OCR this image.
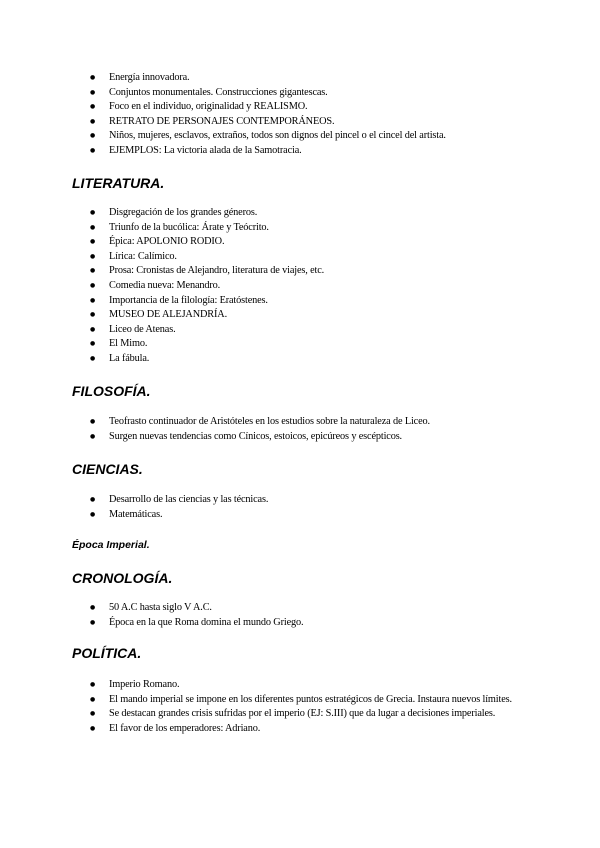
● Energía innovadora.
● Conjuntos monumentales. Construcciones gigantescas.
● Foco en el individuo, originalidad y REALISMO.
● RETRATO DE PERSONAJES CONTEMPORÁNEOS.
● Niños, mujeres, esclavos, extraños, todos son dignos del pincel o el cincel del artista.
● EJEMPLOS: La victoria alada de la Samotracia.
LITERATURA.
● Disgregación de los grandes géneros.
● Triunfo de la bucólica: Árate y Teócrito.
● Épica: APOLONIO RODIO.
● Lírica: Calímico.
● Prosa: Cronistas de Alejandro, literatura de viajes, etc.
● Comedia nueva: Menandro.
● Importancia de la filología: Eratóstenes.
● MUSEO DE ALEJANDRÍA.
● Liceo de Atenas.
● El Mimo.
● La fábula.
FILOSOFÍA.
● Teofrasto continuador de Aristóteles en los estudios sobre la naturaleza de Liceo.
● Surgen nuevas tendencias como Cínicos, estoicos, epicúreos y escépticos.
CIENCIAS.
● Desarrollo de las ciencias y las técnicas.
● Matemáticas.

Época Imperial.

CRONOLOGÍA.
● 50 A.C hasta siglo V A.C.
● Época en la que Roma domina el mundo Griego.
POLÍTICA.
● Imperio Romano.
● El mando imperial se impone en los diferentes puntos estratégicos de Grecia. Instaura nuevos límites.
● Se destacan grandes crisis sufridas por el imperio (EJ: S.III) que da lugar a decisiones imperiales.
● El favor de los emperadores: Adriano.
